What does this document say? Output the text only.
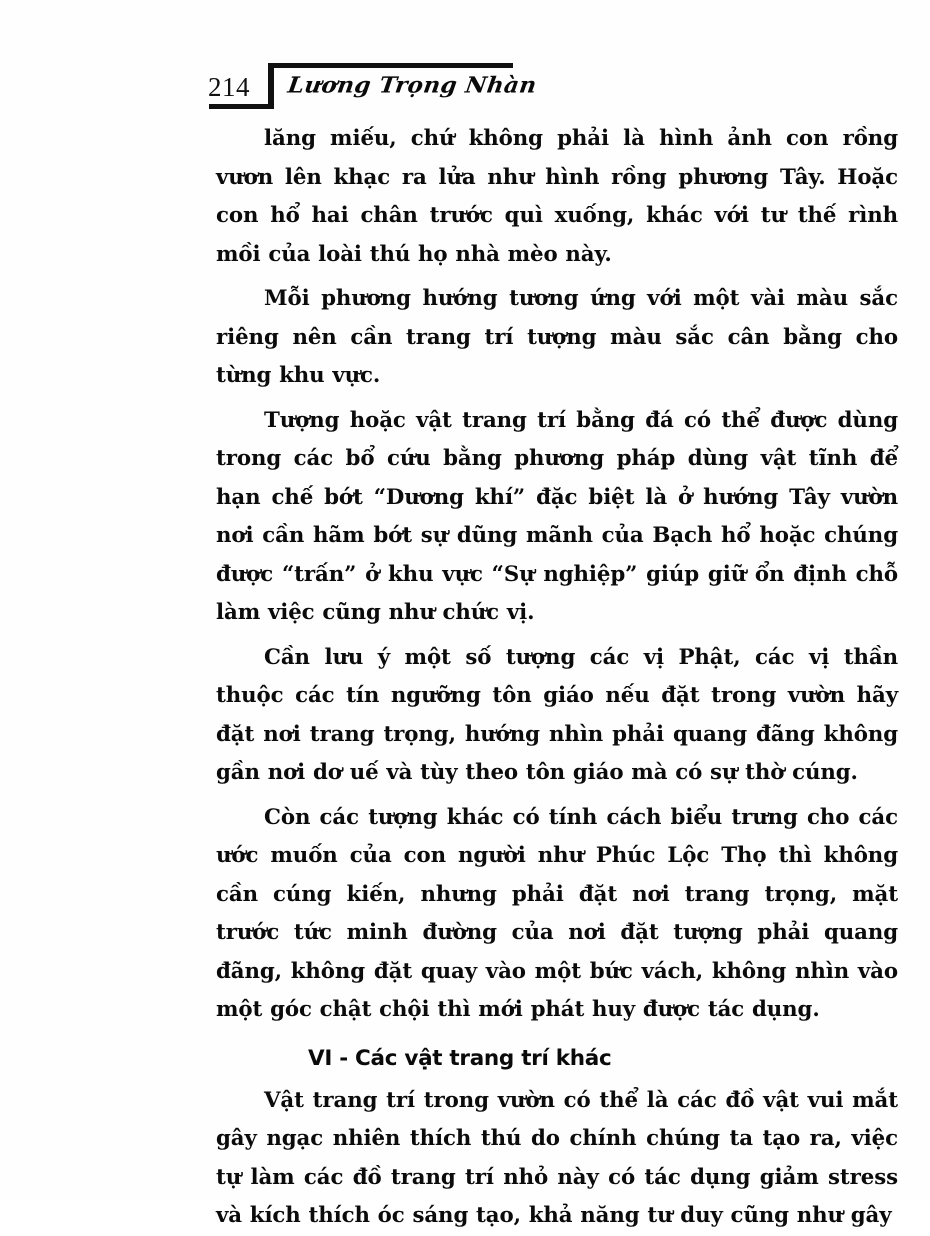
214 Lương Trọng Nhàn

lăng miếu, chứ không phải là hình ảnh con rồng vươn lên khạc ra lửa như hình rồng phương Tây. Hoặc con hổ hai chân trước quì xuống, khác với tư thế rình mồi của loài thú họ nhà mèo này.

Mỗi phương hướng tương ứng với một vài màu sắc riêng nên cần trang trí tượng màu sắc cân bằng cho từng khu vực.

Tượng hoặc vật trang trí bằng đá có thể được dùng trong các bổ cứu bằng phương pháp dùng vật tĩnh để hạn chế bớt “Dương khí” đặc biệt là ở hướng Tây vườn nơi cần hãm bớt sự dũng mãnh của Bạch hổ hoặc chúng được “trấn” ở khu vực “Sự nghiệp” giúp giữ ổn định chỗ làm việc cũng như chức vị.

Cần lưu ý một số tượng các vị Phật, các vị thần thuộc các tín ngưỡng tôn giáo nếu đặt trong vườn hãy đặt nơi trang trọng, hướng nhìn phải quang đãng không gần nơi dơ uế và tùy theo tôn giáo mà có sự thờ cúng.

Còn các tượng khác có tính cách biểu trưng cho các ước muốn của con người như Phúc Lộc Thọ thì không cần cúng kiến, nhưng phải đặt nơi trang trọng, mặt trước tức minh đường của nơi đặt tượng phải quang đãng, không đặt quay vào một bức vách, không nhìn vào một góc chật chội thì mới phát huy được tác dụng.

VI - Các vật trang trí khác

Vật trang trí trong vườn có thể là các đồ vật vui mắt gây ngạc nhiên thích thú do chính chúng ta tạo ra, việc tự làm các đồ trang trí nhỏ này có tác dụng giảm stress và kích thích óc sáng tạo, khả năng tư duy cũng như gây
